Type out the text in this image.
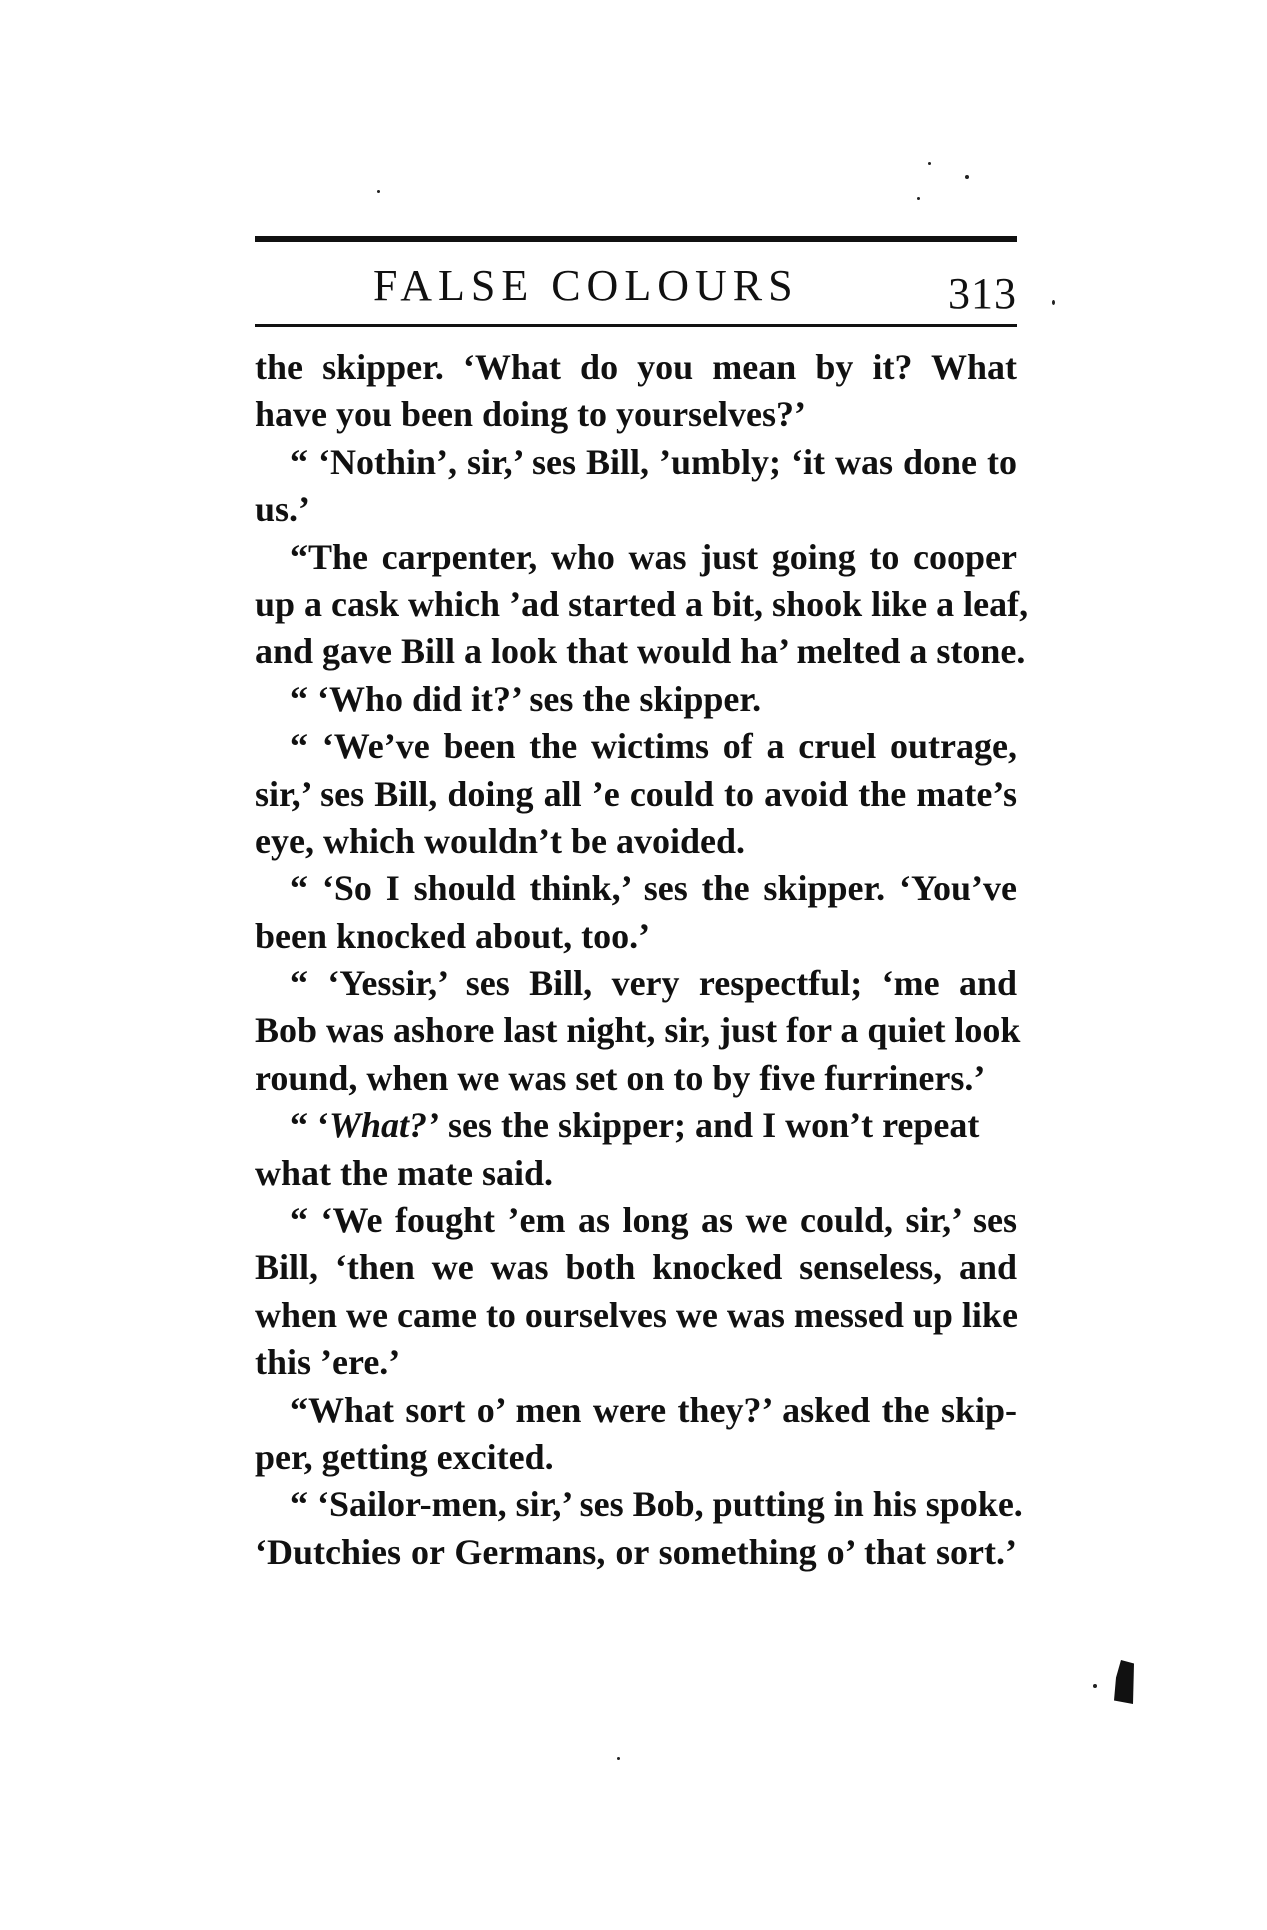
FALSE COLOURS	313
the skipper. ‘What do you mean by it? What
have you been doing to yourselves?’
“ ‘Nothin’, sir,’ ses Bill, ’umbly; ‘it was done to
us.’
“The carpenter, who was just going to cooper
up a cask which ’ad started a bit, shook like a leaf,
and gave Bill a look that would ha’ melted a stone.
“ ‘Who did it?’ ses the skipper.
“ ‘We’ve been the wictims of a cruel outrage,
sir,’ ses Bill, doing all ’e could to avoid the mate’s
eye, which wouldn’t be avoided.
“ ‘So I should think,’ ses the skipper. ‘You’ve
been knocked about, too.’
“ ‘Yessir,’ ses Bill, very respectful; ‘me and
Bob was ashore last night, sir, just for a quiet look
round, when we was set on to by five furriners.’
“ ‘What?’ ses the skipper; and I won’t repeat
what the mate said.
“ ‘We fought ’em as long as we could, sir,’ ses
Bill, ‘then we was both knocked senseless, and
when we came to ourselves we was messed up like
this ’ere.’
“What sort o’ men were they?’ asked the skip-
per, getting excited.
“ ‘Sailor-men, sir,’ ses Bob, putting in his spoke.
‘Dutchies or Germans, or something o’ that sort.’
